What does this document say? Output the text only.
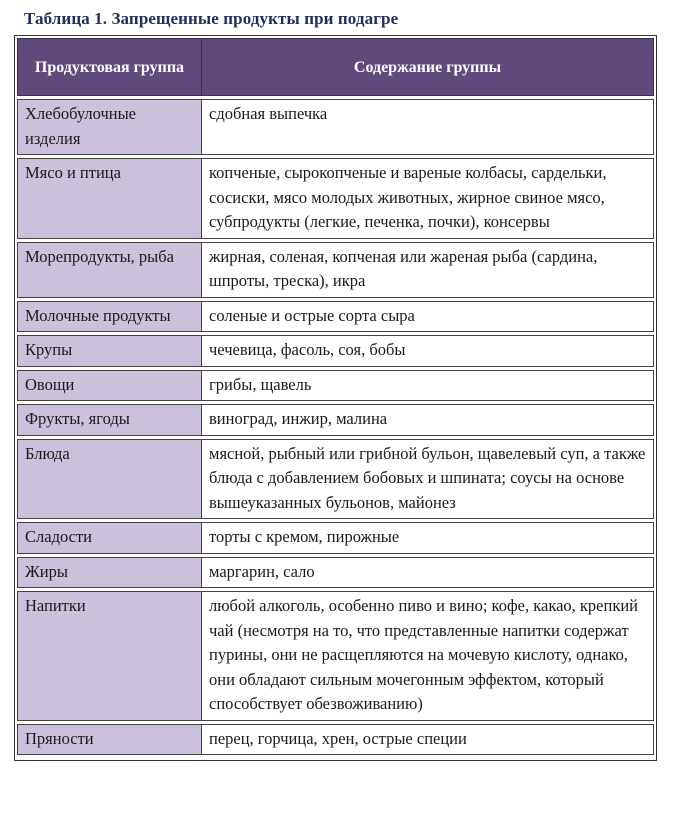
Таблица 1. Запрещенные продукты при подагре
Продуктовая группа	Содержание группы
Хлебобулочные изделия	сдобная выпечка
Мясо и птица	копченые, сырокопченые и вареные колбасы, сардельки, сосиски, мясо молодых животных, жирное свиное мясо, субпродукты (легкие, печенка, почки), консервы
Морепродукты, рыба	жирная, соленая, копченая или жареная рыба (сардина, шпроты, треска), икра
Молочные продукты	соленые и острые сорта сыра
Крупы	чечевица, фасоль, соя, бобы
Овощи	грибы, щавель
Фрукты, ягоды	виноград, инжир, малина
Блюда	мясной, рыбный или грибной бульон, щавелевый суп, а также блюда с добавлением бобовых и шпината; соусы на основе вышеуказанных бульонов, майонез
Сладости	торты с кремом, пирожные
Жиры	маргарин, сало
Напитки	любой алкоголь, особенно пиво и вино; кофе, какао, крепкий чай (несмотря на то, что представленные напитки содержат пурины, они не расщепляются на мочевую кислоту, однако, они обладают сильным мочегонным эффектом, который способствует обезвоживанию)
Пряности	перец, горчица, хрен, острые специи
